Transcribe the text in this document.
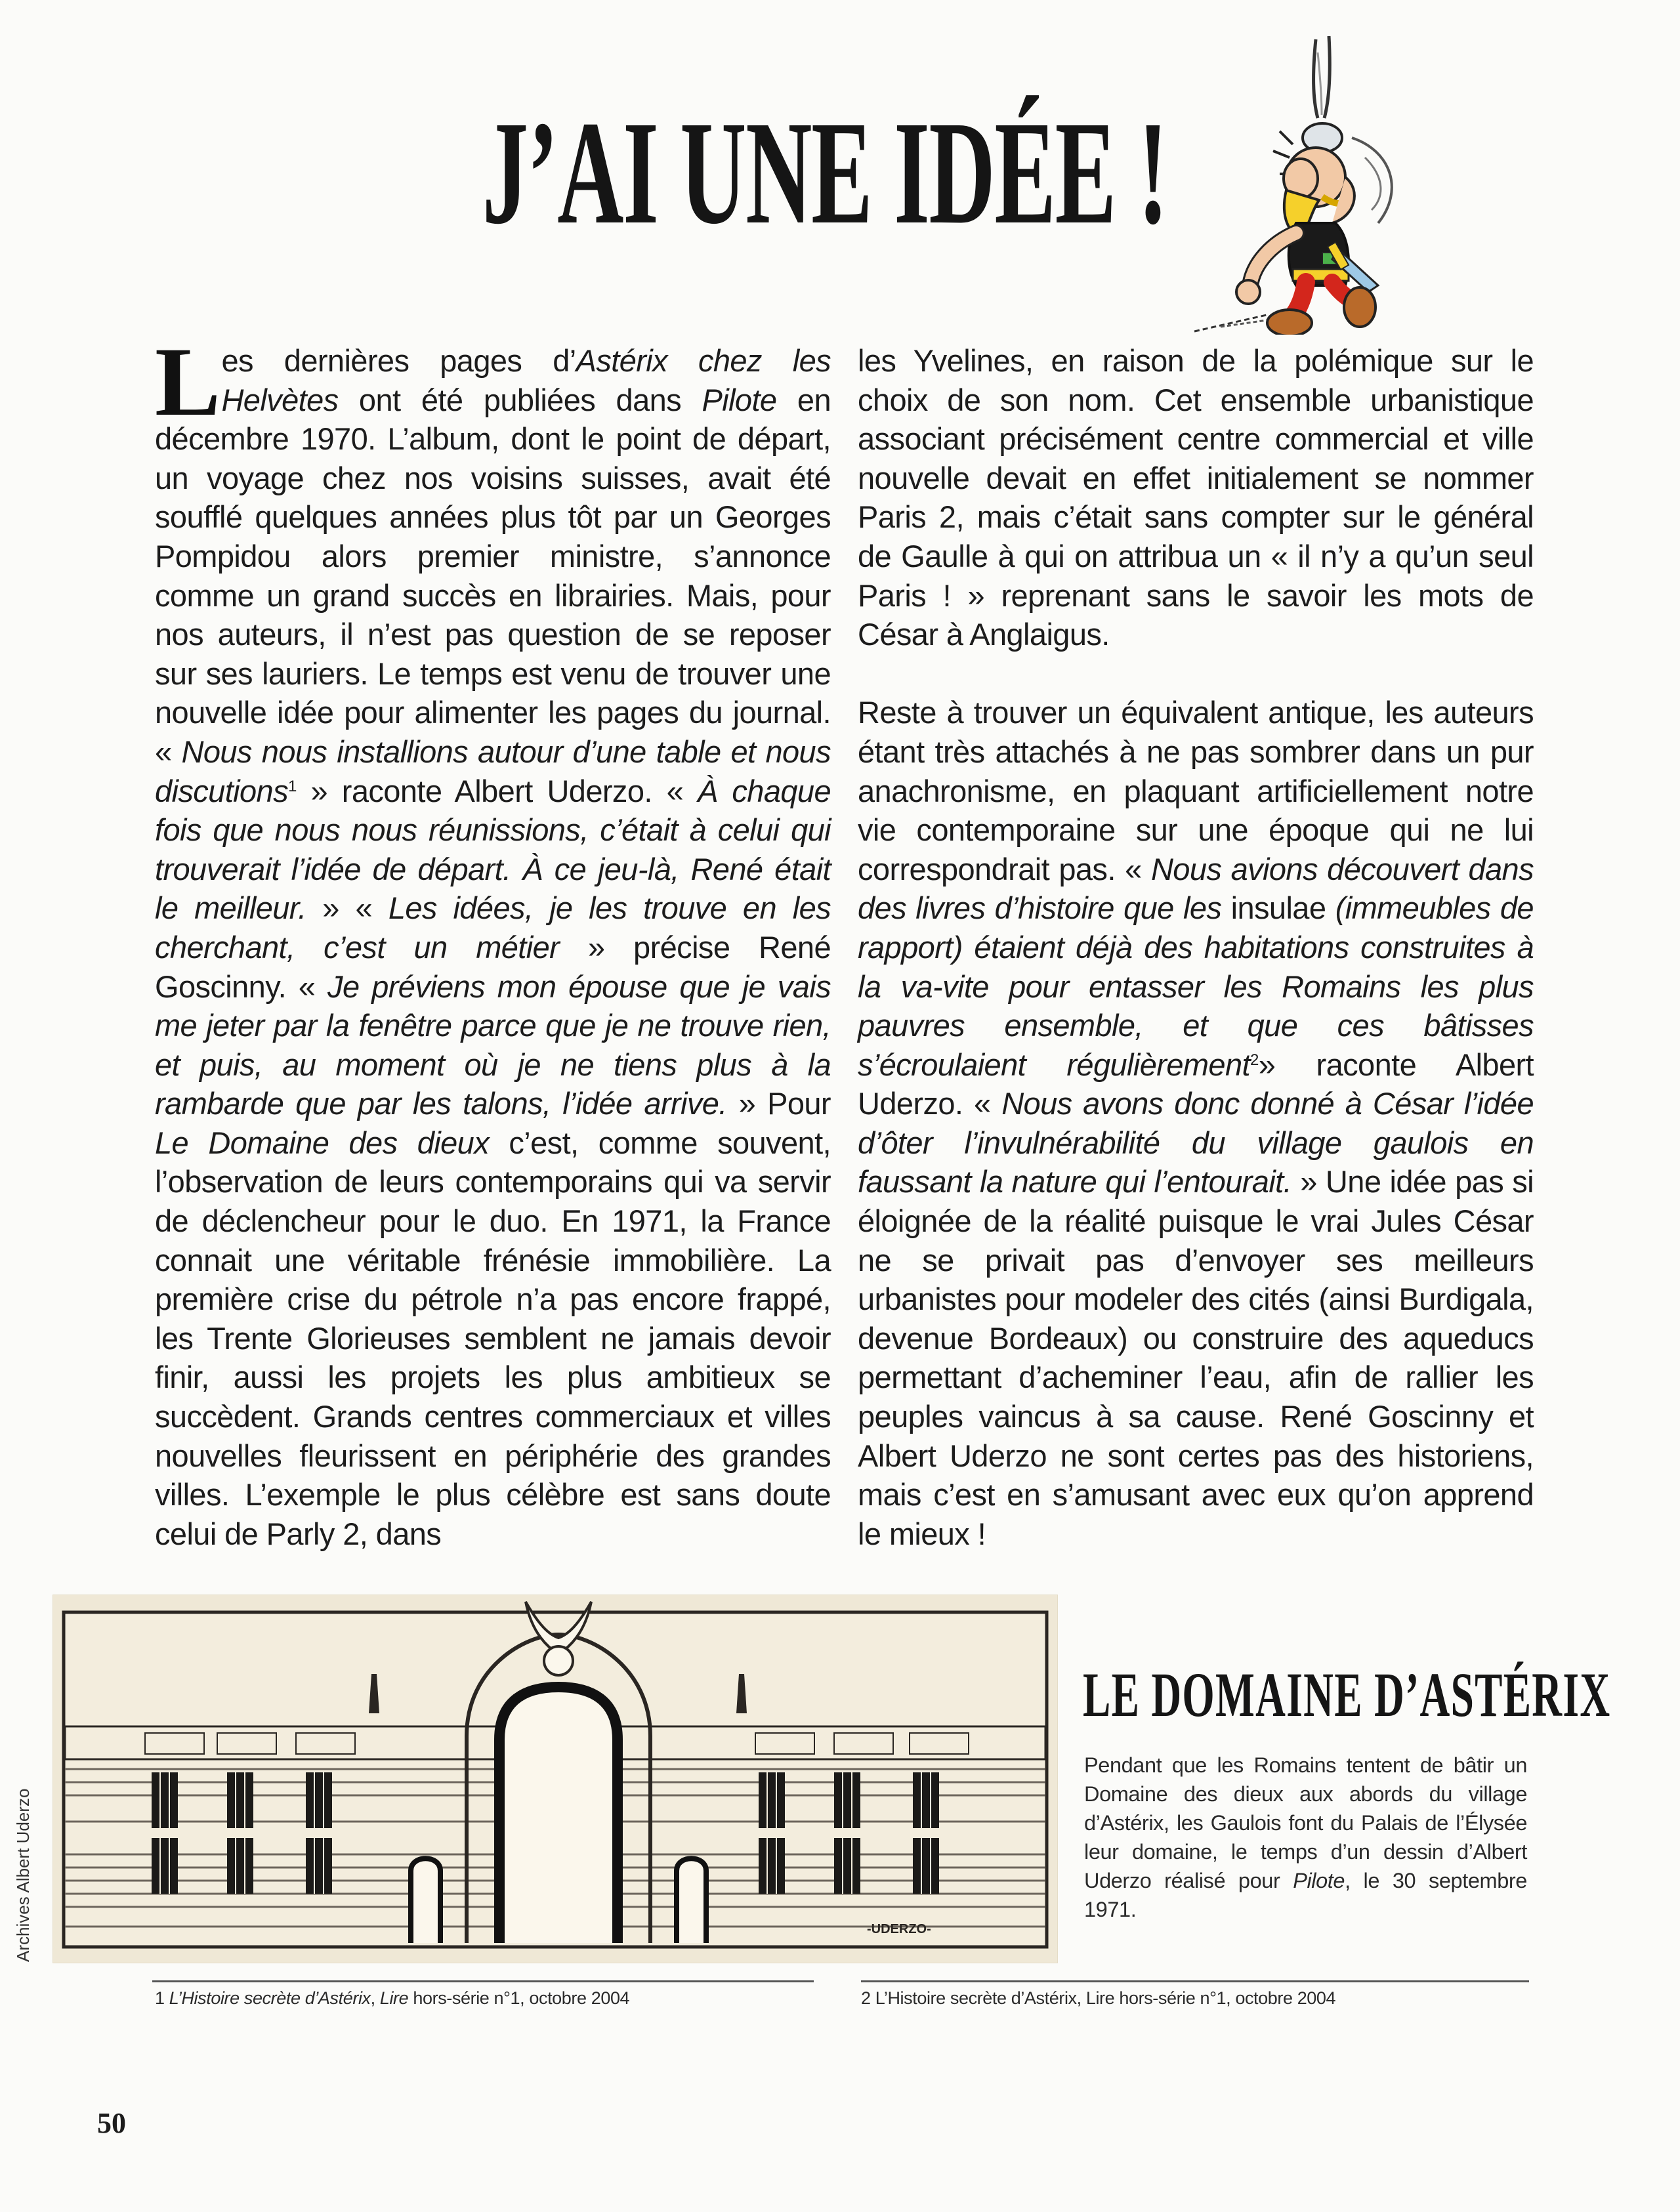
J’AI UNE IDÉE !

Les dernières pages d’Astérix chez les Helvètes ont été publiées dans Pilote en décembre 1970. L’album, dont le point de départ, un voyage chez nos voisins suisses, avait été soufflé quelques années plus tôt par un Georges Pompidou alors premier ministre, s’annonce comme un grand succès en librairies. Mais, pour nos auteurs, il n’est pas question de se reposer sur ses lauriers. Le temps est venu de trouver une nouvelle idée pour alimenter les pages du journal. « Nous nous installions autour d’une table et nous discutions$^1$ » raconte Albert Uderzo. « À chaque fois que nous nous réunissions, c’était à celui qui trouverait l’idée de départ. À ce jeu-là, René était le meilleur. » « Les idées, je les trouve en les cherchant, c’est un métier » précise René Goscinny. « Je préviens mon épouse que je vais me jeter par la fenêtre parce que je ne trouve rien, et puis, au moment où je ne tiens plus à la rambarde que par les talons, l’idée arrive. » Pour Le Domaine des dieux c’est, comme souvent, l’observation de leurs contemporains qui va servir de déclencheur pour le duo. En 1971, la France connait une véritable frénésie immobilière. La première crise du pétrole n’a pas encore frappé, les Trente Glorieuses semblent ne jamais devoir finir, aussi les projets les plus ambitieux se succèdent. Grands centres commerciaux et villes nouvelles fleurissent en périphérie des grandes villes. L’exemple le plus célèbre est sans doute celui de Parly 2, dans

les Yvelines, en raison de la polémique sur le choix de son nom. Cet ensemble urbanistique associant précisément centre commercial et ville nouvelle devait en effet initialement se nommer Paris 2, mais c’était sans compter sur le général de Gaulle à qui on attribua un « il n’y a qu’un seul Paris ! » reprenant sans le savoir les mots de César à Anglaigus.

Reste à trouver un équivalent antique, les auteurs étant très attachés à ne pas sombrer dans un pur anachronisme, en plaquant artificiellement notre vie contemporaine sur une époque qui ne lui correspondrait pas. « Nous avions découvert dans des livres d’histoire que les insulae (immeubles de rapport) étaient déjà des habitations construites à la va-vite pour entasser les Romains les plus pauvres ensemble, et que ces bâtisses s’écroulaient régulièrement$^2$» raconte Albert Uderzo. « Nous avons donc donné à César l’idée d’ôter l’invulnérabilité du village gaulois en faussant la nature qui l’entourait. » Une idée pas si éloignée de la réalité puisque le vrai Jules César ne se privait pas d’envoyer ses meilleurs urbanistes pour modeler des cités (ainsi Burdigala, devenue Bordeaux) ou construire des aqueducs permettant d’acheminer l’eau, afin de rallier les peuples vaincus à sa cause. René Goscinny et Albert Uderzo ne sont certes pas des historiens, mais c’est en s’amusant avec eux qu’on apprend le mieux !

-UDERZO-
Archives Albert Uderzo
LE DOMAINE D’ASTÉRIX
Pendant que les Romains tentent de bâtir un Domaine des dieux aux abords du village d’Astérix, les Gaulois font du Palais de l’Élysée leur domaine, le temps d’un dessin d’Albert Uderzo réalisé pour Pilote, le 30 septembre 1971.
1 L’Histoire secrète d’Astérix, Lire hors-série n°1, octobre 2004	2 L’Histoire secrète d’Astérix, Lire hors-série n°1, octobre 2004
50
